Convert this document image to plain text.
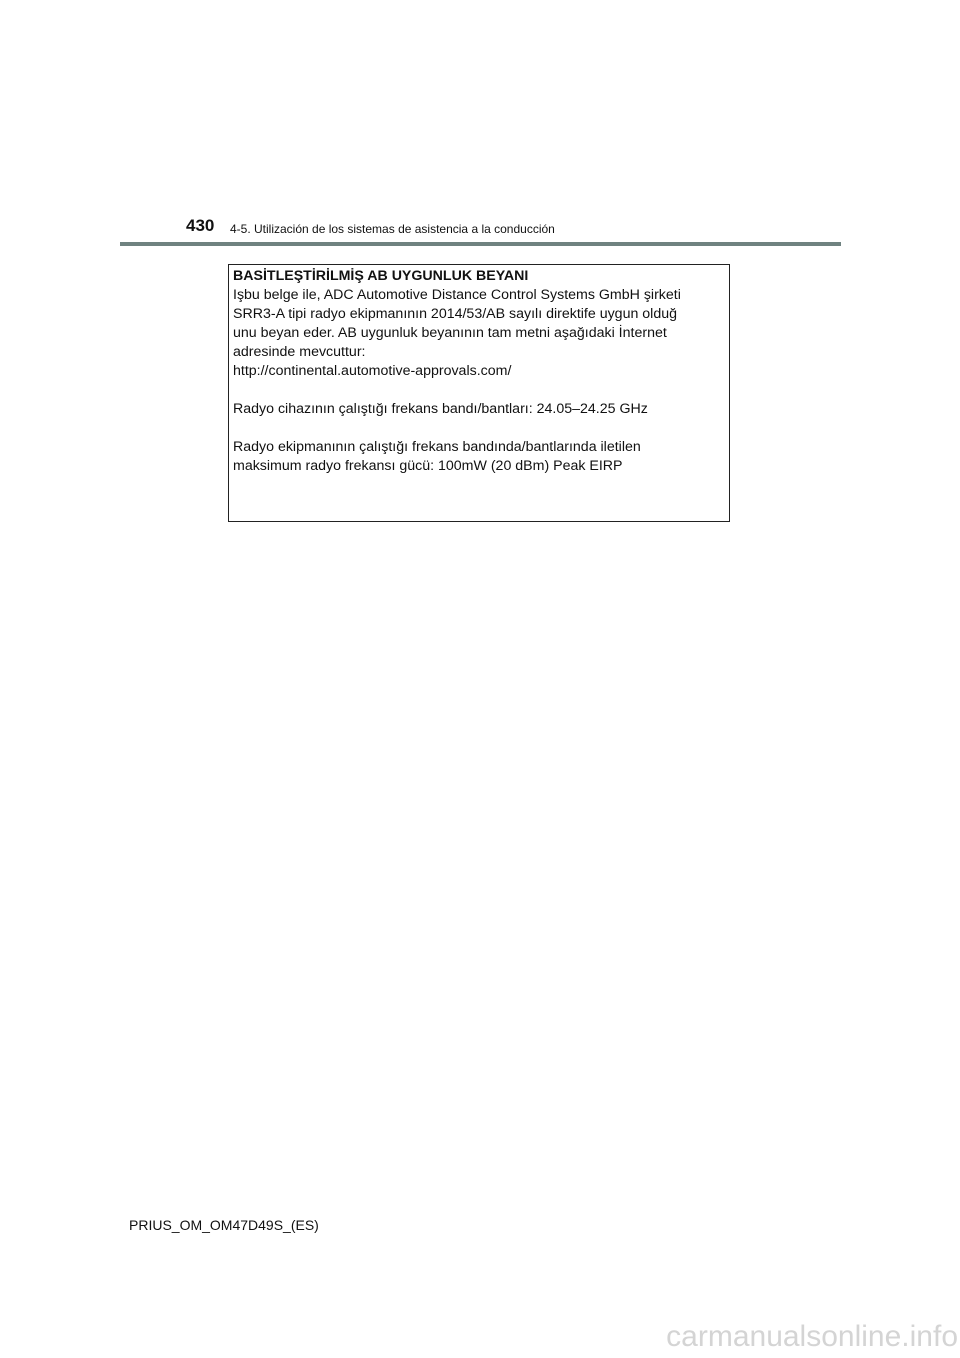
430 4-5. Utilización de los sistemas de asistencia a la conducción
BASİTLEŞTİRİLMİŞ AB UYGUNLUK BEYANI
Işbu belge ile, ADC Automotive Distance Control Systems GmbH şirketi
SRR3-A tipi radyo ekipmanının 2014/53/AB sayılı direktife uygun olduğ
unu beyan eder. AB uygunluk beyanının tam metni aşağıdaki İnternet
adresinde mevcuttur:
http://continental.automotive-approvals.com/
Radyo cihazının çalıştığı frekans bandı/bantları: 24.05–24.25 GHz
Radyo ekipmanının çalıştığı frekans bandında/bantlarında iletilen
maksimum radyo frekansı gücü: 100mW (20 dBm) Peak EIRP
PRIUS_OM_OM47D49S_(ES)
carmanualsonline.info
